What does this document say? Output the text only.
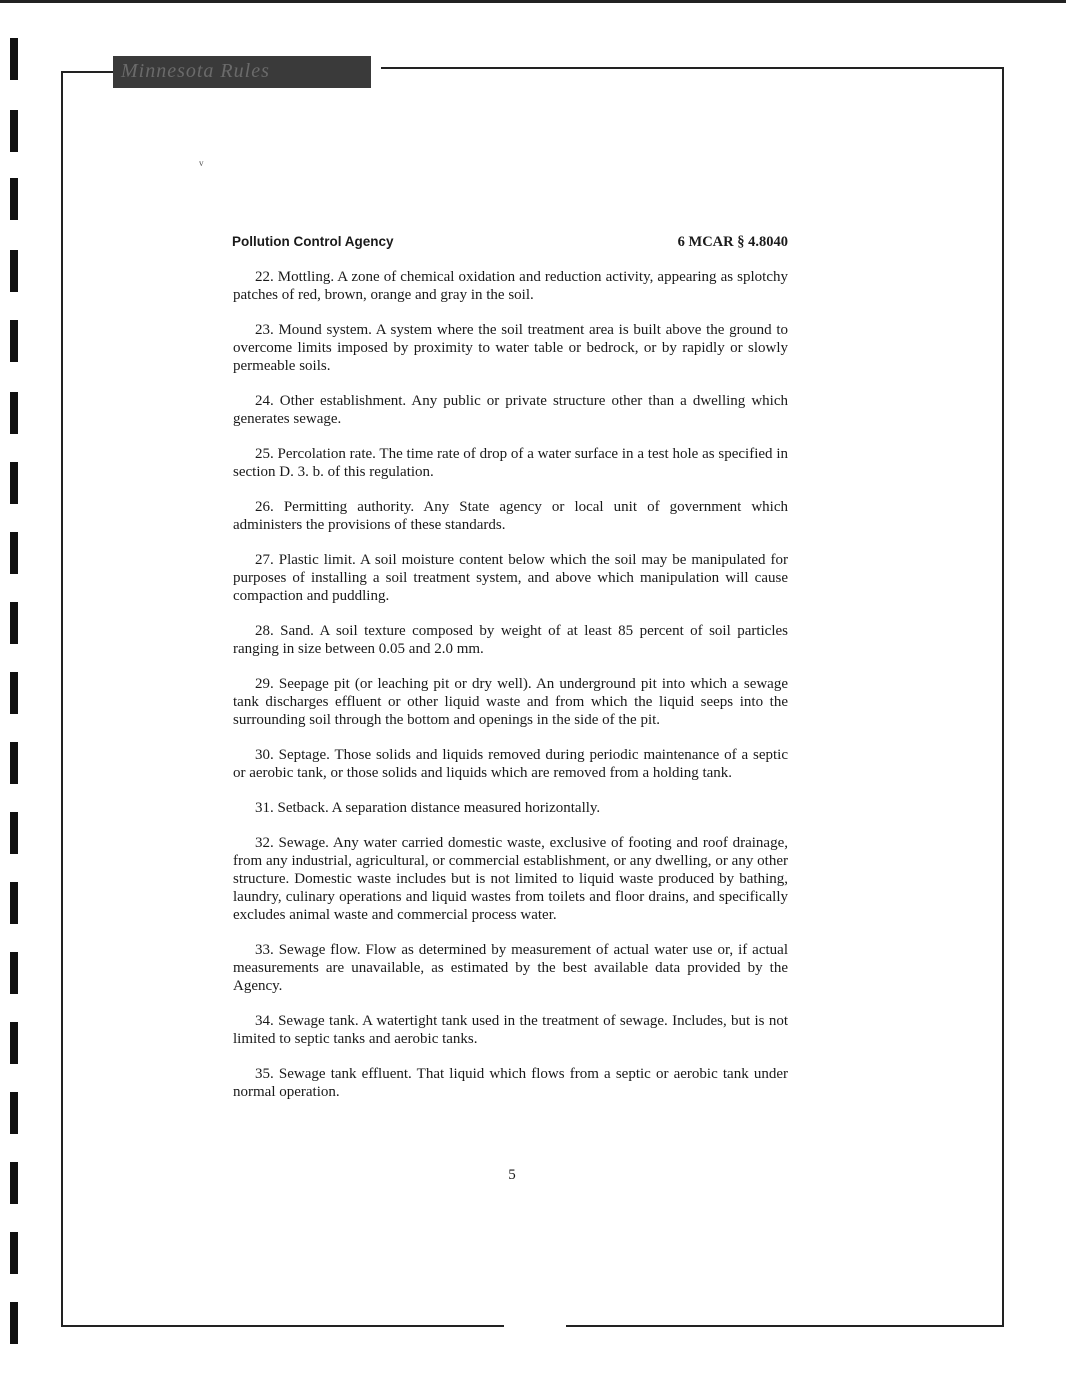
Minnesota Rules
v
Pollution Control Agency	6 MCAR § 4.8040

22. Mottling. A zone of chemical oxidation and reduction activity, appearing as splotchy patches of red, brown, orange and gray in the soil.

23. Mound system. A system where the soil treatment area is built above the ground to overcome limits imposed by proximity to water table or bedrock, or by rapidly or slowly permeable soils.

24. Other establishment. Any public or private structure other than a dwelling which generates sewage.

25. Percolation rate. The time rate of drop of a water surface in a test hole as specified in section D. 3. b. of this regulation.

26. Permitting authority. Any State agency or local unit of government which administers the provisions of these standards.

27. Plastic limit. A soil moisture content below which the soil may be manipulated for purposes of installing a soil treatment system, and above which manipulation will cause compaction and puddling.

28. Sand. A soil texture composed by weight of at least 85 percent of soil particles ranging in size between 0.05 and 2.0 mm.

29. Seepage pit (or leaching pit or dry well). An underground pit into which a sewage tank discharges effluent or other liquid waste and from which the liquid seeps into the surrounding soil through the bottom and openings in the side of the pit.

30. Septage. Those solids and liquids removed during periodic maintenance of a septic or aerobic tank, or those solids and liquids which are removed from a holding tank.

31. Setback. A separation distance measured horizontally.

32. Sewage. Any water carried domestic waste, exclusive of footing and roof drainage, from any industrial, agricultural, or commercial establishment, or any dwelling, or any other structure. Domestic waste includes but is not limited to liquid waste produced by bathing, laundry, culinary operations and liquid wastes from toilets and floor drains, and specifically excludes animal waste and commercial process water.

33. Sewage flow. Flow as determined by measurement of actual water use or, if actual measurements are unavailable, as estimated by the best available data provided by the Agency.

34. Sewage tank. A watertight tank used in the treatment of sewage. Includes, but is not limited to septic tanks and aerobic tanks.

35. Sewage tank effluent. That liquid which flows from a septic or aerobic tank under normal operation.

5
